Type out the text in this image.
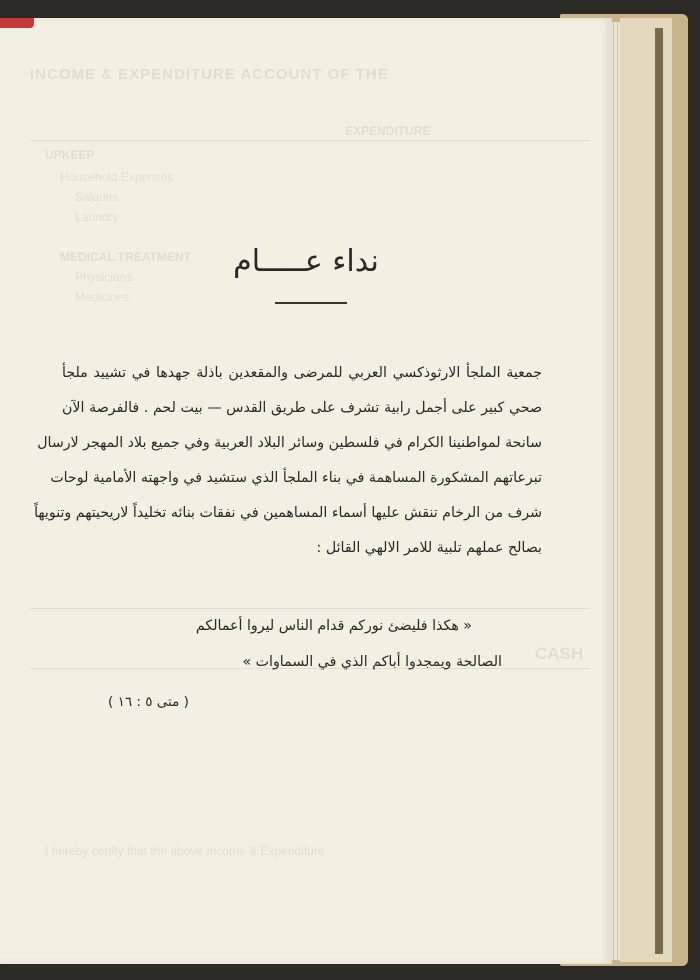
INCOME & EXPENDITURE ACCOUNT OF THE
EXPENDITURE
UPKEEP
Household Expenses
Salaries
Laundry
MEDICAL TREATMENT
Physicians
Medicines
CASH
I hereby certify that the above Income & Expenditure
نداء عـــــام
جمعية الملجأ الارثوذكسي العربي للمرضى والمقعدين باذلة جهدها في تشييد ملجأ
صحي كبير على أجمل رابية تشرف على طريق القدس — بيت لحم . فالفرصة الآن
سانحة لمواطنينا الكرام في فلسطين وسائر البلاد العربية وفي جميع بلاد المهجر لارسال
تبرعاتهم المشكورة المساهمة في بناء الملجأ الذي ستشيد في واجهته الأمامية لوحات
شرف من الرخام تنقش عليها أسماء المساهمين في نفقات بنائه تخليداً لاريحيتهم وتنويهاً
بصالح عملهم تلبية للامر الالهي القائل :
« هكذا فليضئ نوركم قدام الناس ليروا أعمالكم
الصالحة ويمجدوا أباكم الذي في السماوات »
( متى ٥ : ١٦ )
